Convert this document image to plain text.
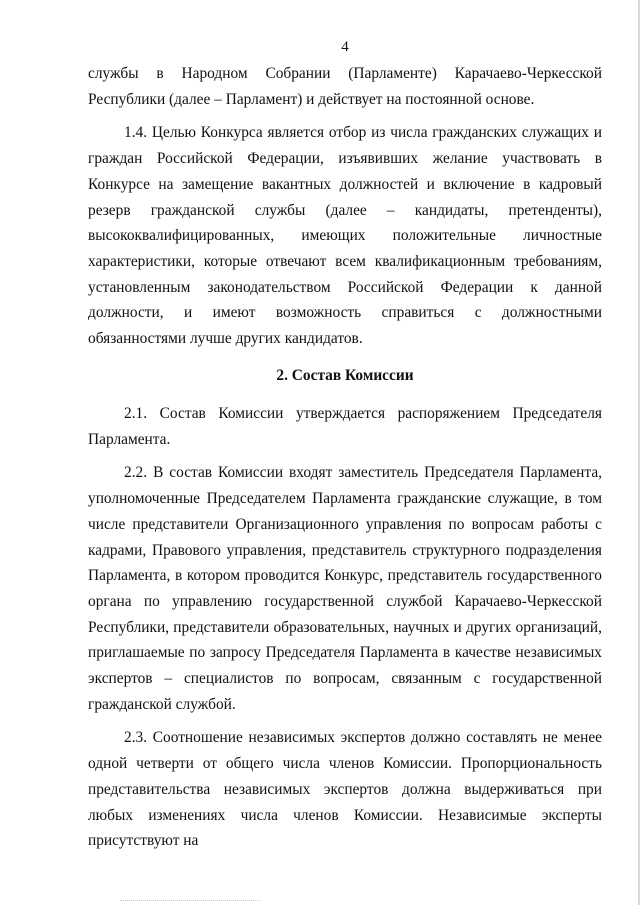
4

службы в Народном Собрании (Парламенте) Карачаево-Черкесской Республики (далее – Парламент) и действует на постоянной основе.

1.4. Целью Конкурса является отбор из числа гражданских служащих и граждан Российской Федерации, изъявивших желание участвовать в Конкурсе на замещение вакантных должностей и включение в кадровый резерв гражданской службы (далее – кандидаты, претенденты), высококвалифицированных, имеющих положительные личностные характеристики, которые отвечают всем квалификационным требованиям, установленным законодательством Российской Федерации к данной должности, и имеют возможность справиться с должностными обязанностями лучше других кандидатов.

2. Состав Комиссии

2.1. Состав Комиссии утверждается распоряжением Председателя Парламента.

2.2. В состав Комиссии входят заместитель Председателя Парламента, уполномоченные Председателем Парламента гражданские служащие, в том числе представители Организационного управления по вопросам работы с кадрами, Правового управления, представитель структурного подразделения Парламента, в котором проводится Конкурс, представитель государственного органа по управлению государственной службой Карачаево-Черкесской Республики, представители образовательных, научных и других организаций, приглашаемые по запросу Председателя Парламента в качестве независимых экспертов – специалистов по вопросам, связанным с государственной гражданской службой.

2.3. Соотношение независимых экспертов должно составлять не менее одной четверти от общего числа членов Комиссии. Пропорциональность представительства независимых экспертов должна выдерживаться при любых изменениях числа членов Комиссии. Независимые эксперты присутствуют на
